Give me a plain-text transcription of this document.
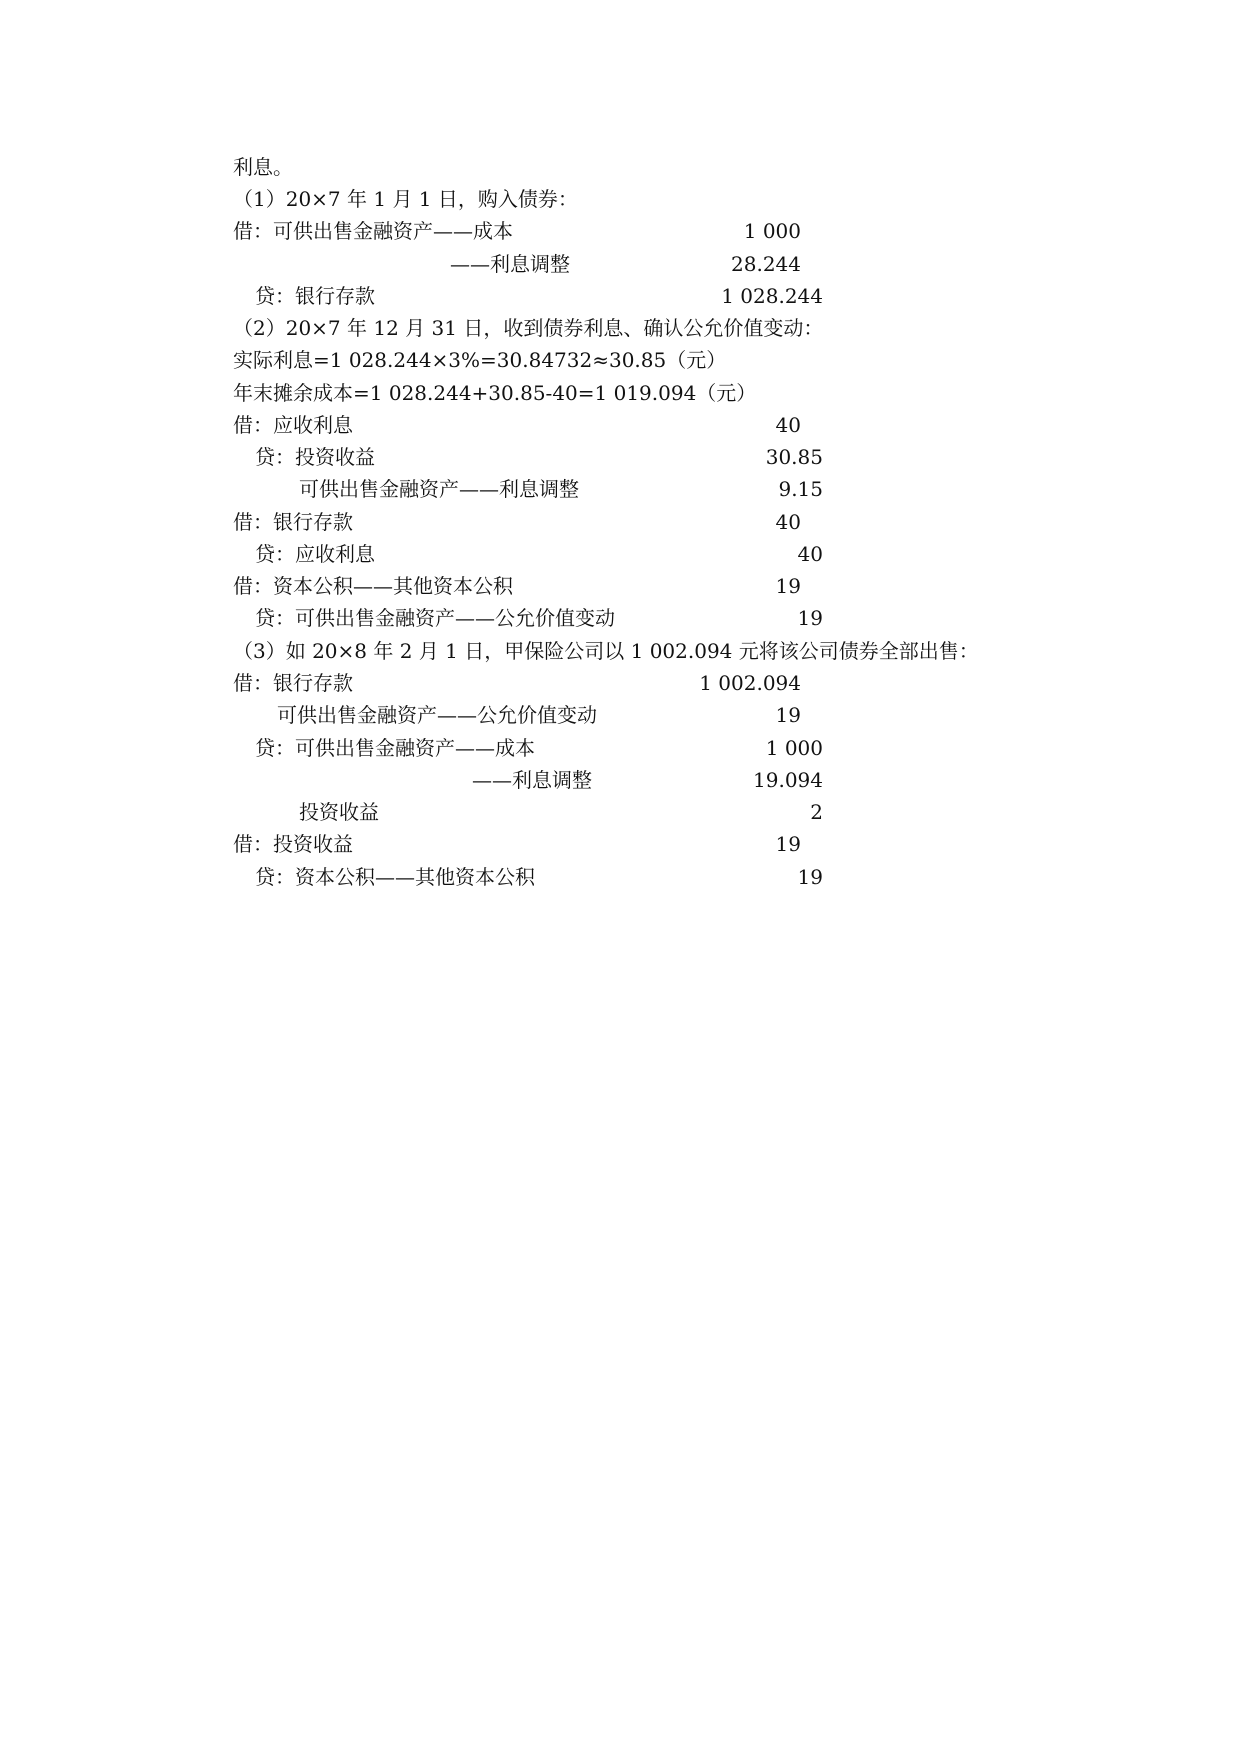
利息。
（1）20×7 年 1 月 1 日，购入债券：
借：可供出售金融资产——成本	1 000
——利息调整	28.244
贷：银行存款	1 028.244
（2）20×7 年 12 月 31 日，收到债券利息、确认公允价值变动：
实际利息=1 028.244×3%=30.84732≈30.85（元）
年末摊余成本=1 028.244+30.85-40=1 019.094（元）
借：应收利息	40
贷：投资收益	30.85
可供出售金融资产——利息调整	9.15
借：银行存款	40
贷：应收利息	40
借：资本公积——其他资本公积	19
贷：可供出售金融资产——公允价值变动	19
（3）如 20×8 年 2 月 1 日，甲保险公司以 1 002.094 元将该公司债券全部出售：
借：银行存款	1 002.094
可供出售金融资产——公允价值变动	19
贷：可供出售金融资产——成本	1 000
——利息调整	19.094
投资收益	2
借：投资收益	19
贷：资本公积——其他资本公积	19
